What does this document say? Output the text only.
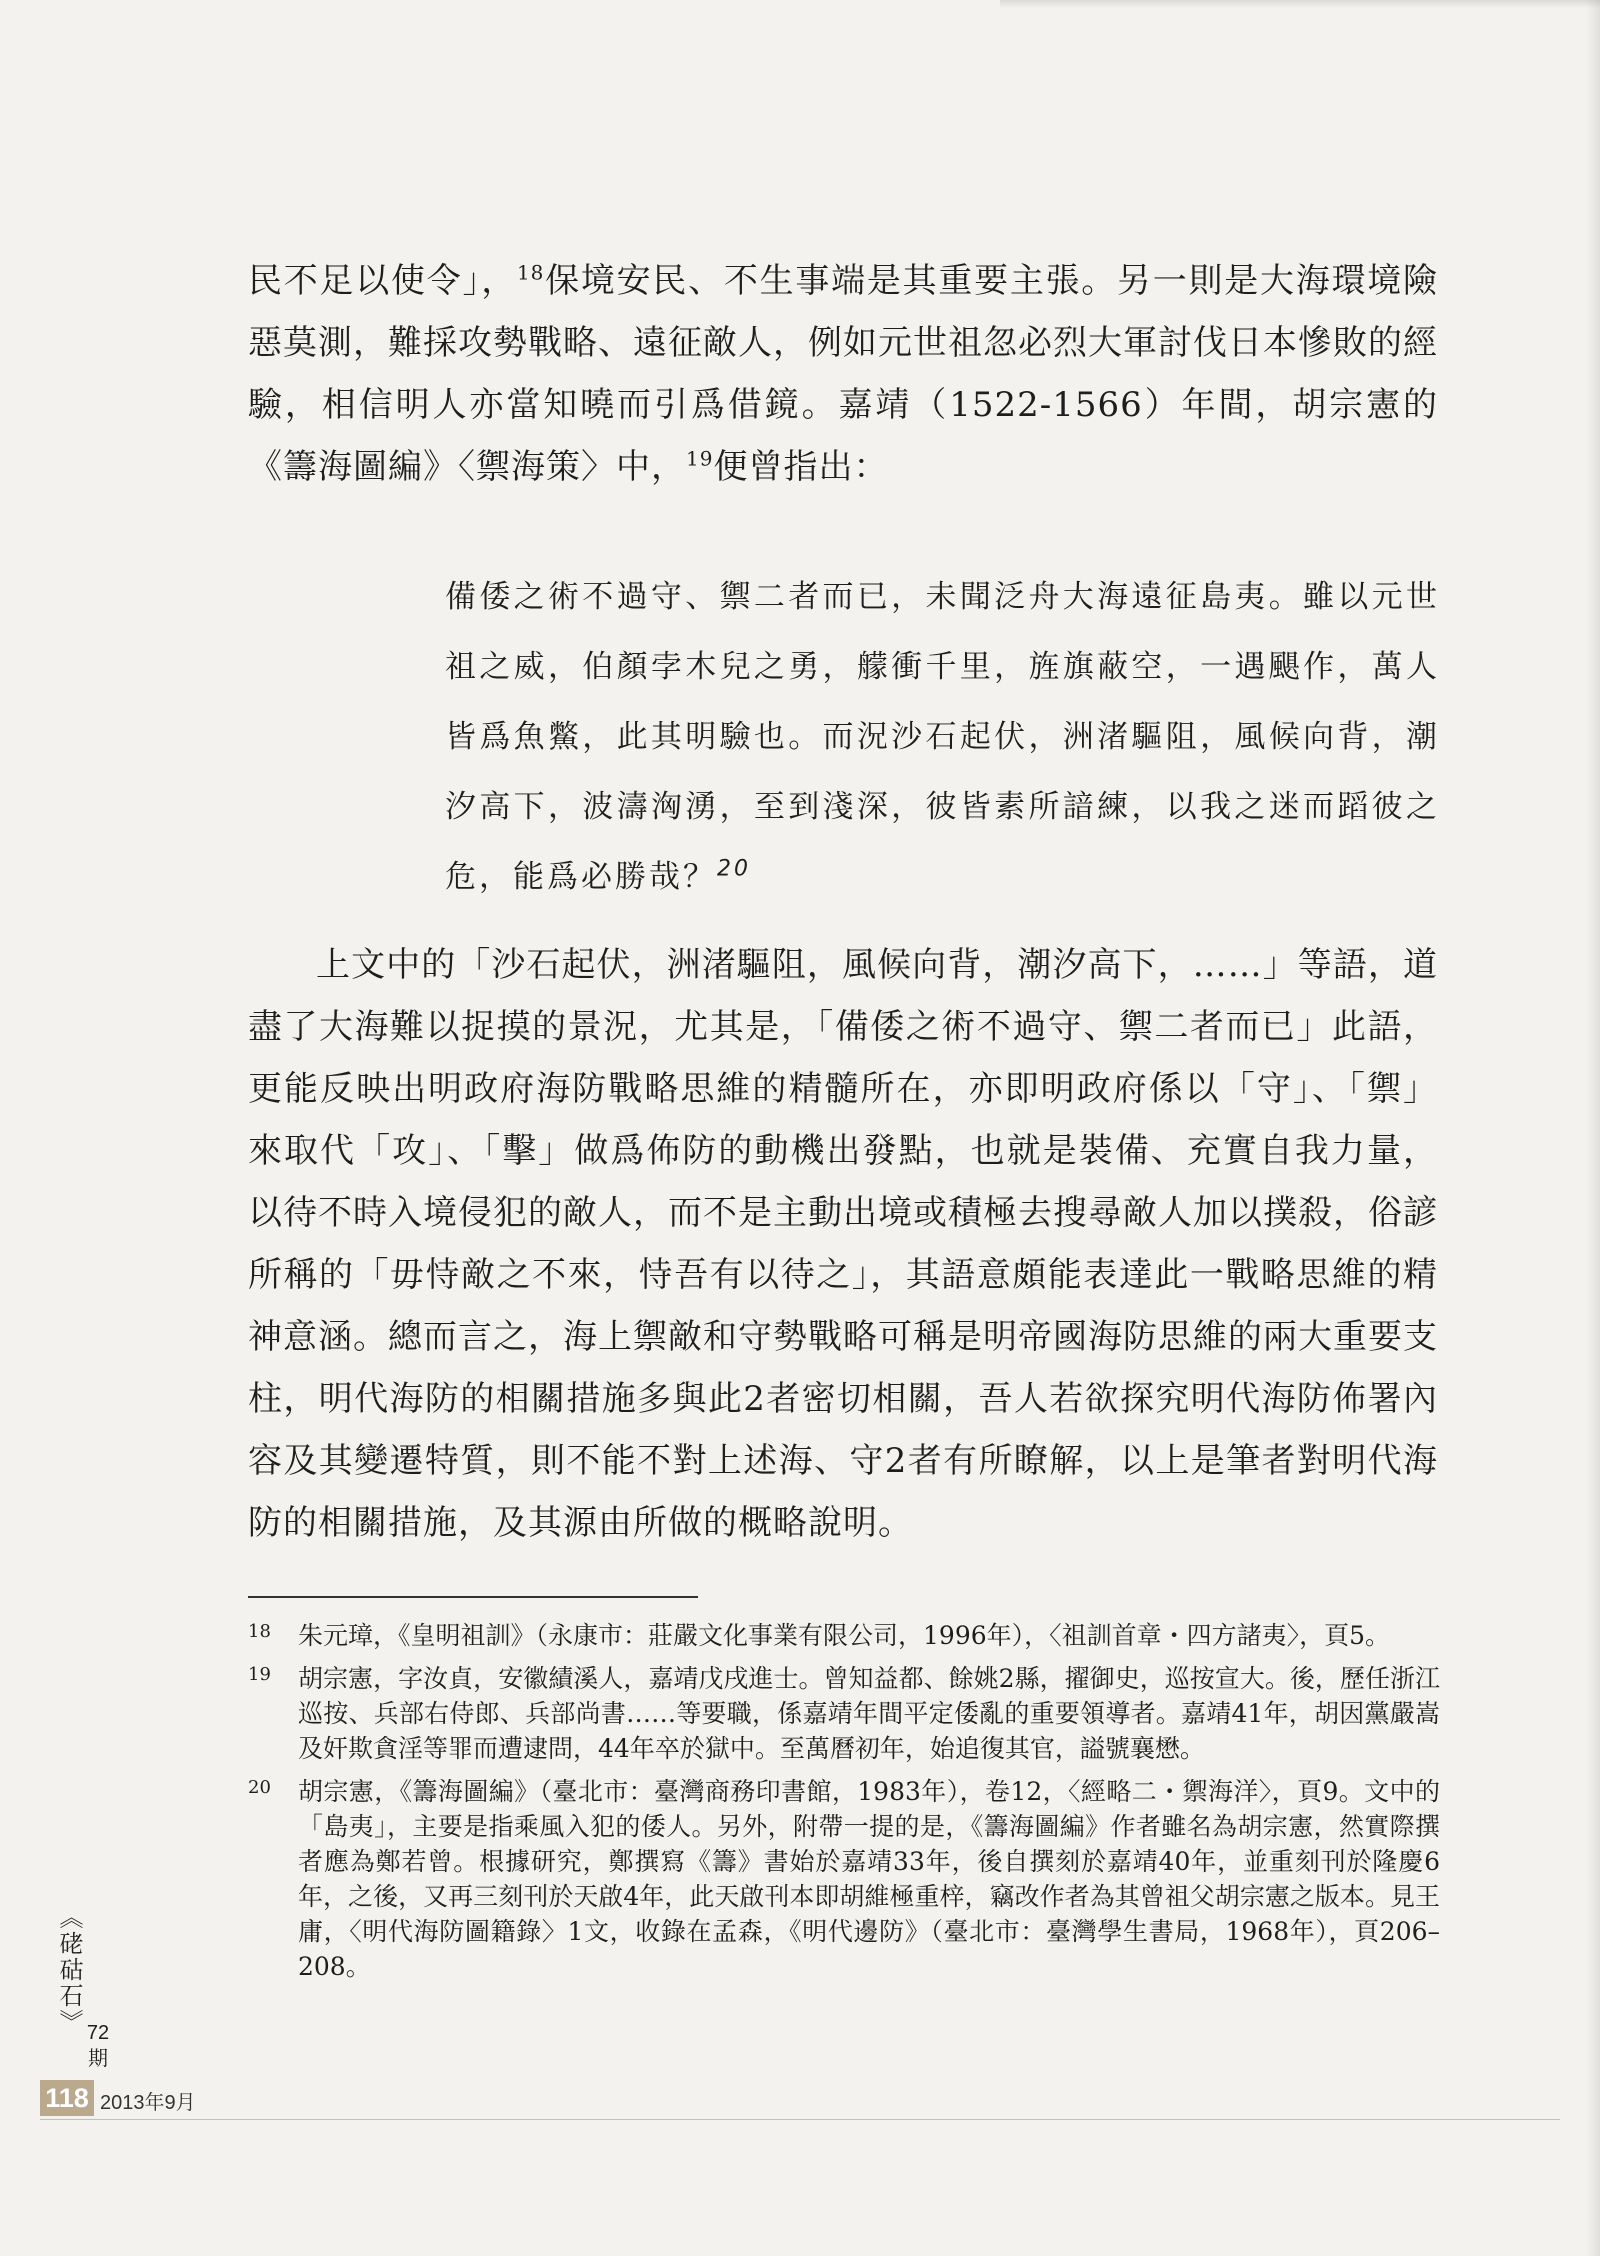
民不足以使令」，$^{18}$保境安民、不生事端是其重要主張。另一則是大海環境險惡莫測，難採攻勢戰略、遠征敵人，例如元世祖忽必烈大軍討伐日本慘敗的經驗，相信明人亦當知曉而引爲借鏡。嘉靖（1522-1566）年間，胡宗憲的《籌海圖編》〈禦海策〉中，$^{19}$便曾指出：

備倭之術不過守、禦二者而已，未聞泛舟大海遠征島夷。雖以元世祖之威，伯顏孛木兒之勇，艨衝千里，旌旗蔽空，一遇颶作，萬人皆爲魚鱉，此其明驗也。而況沙石起伏，洲渚驅阻，風候向背，潮汐高下，波濤洶湧，至到淺深，彼皆素所諳練，以我之迷而蹈彼之危，能爲必勝哉？$^{20}$

上文中的「沙石起伏，洲渚驅阻，風候向背，潮汐高下，……」等語，道盡了大海難以捉摸的景況，尤其是，「備倭之術不過守、禦二者而已」此語，更能反映出明政府海防戰略思維的精髓所在，亦即明政府係以「守」、「禦」來取代「攻」、「擊」做爲佈防的動機出發點，也就是裝備、充實自我力量，以待不時入境侵犯的敵人，而不是主動出境或積極去搜尋敵人加以撲殺，俗諺所稱的「毋恃敵之不來，恃吾有以待之」，其語意頗能表達此一戰略思維的精神意涵。總而言之，海上禦敵和守勢戰略可稱是明帝國海防思維的兩大重要支柱，明代海防的相關措施多與此2者密切相關，吾人若欲探究明代海防佈署內容及其變遷特質，則不能不對上述海、守2者有所瞭解，以上是筆者對明代海防的相關措施，及其源由所做的概略說明。

18 朱元璋，《皇明祖訓》（永康市：莊嚴文化事業有限公司，1996年），〈祖訓首章・四方諸夷〉，頁5。
19 胡宗憲，字汝貞，安徽績溪人，嘉靖戊戌進士。曾知益都、餘姚2縣，擢御史，巡按宣大。後，歷任浙江巡按、兵部右侍郎、兵部尚書……等要職，係嘉靖年間平定倭亂的重要領導者。嘉靖41年，胡因黨嚴嵩及奸欺貪淫等罪而遭逮問，44年卒於獄中。至萬曆初年，始追復其官，謚號襄懋。
20 胡宗憲，《籌海圖編》（臺北市：臺灣商務印書館，1983年），卷12，〈經略二・禦海洋〉，頁9。文中的「島夷」，主要是指乘風入犯的倭人。另外，附帶一提的是，《籌海圖編》作者雖名為胡宗憲，然實際撰者應為鄭若曾。根據研究，鄭撰寫《籌》書始於嘉靖33年，後自撰刻於嘉靖40年，並重刻刊於隆慶6年，之後，又再三刻刊於天啟4年，此天啟刊本即胡維極重梓，竊改作者為其曾祖父胡宗憲之版本。見王庸，〈明代海防圖籍錄〉1文，收錄在孟森，《明代邊防》（臺北市：臺灣學生書局，1968年），頁206–208。
《硓𥑮石》 72
期
118 2013年9月
